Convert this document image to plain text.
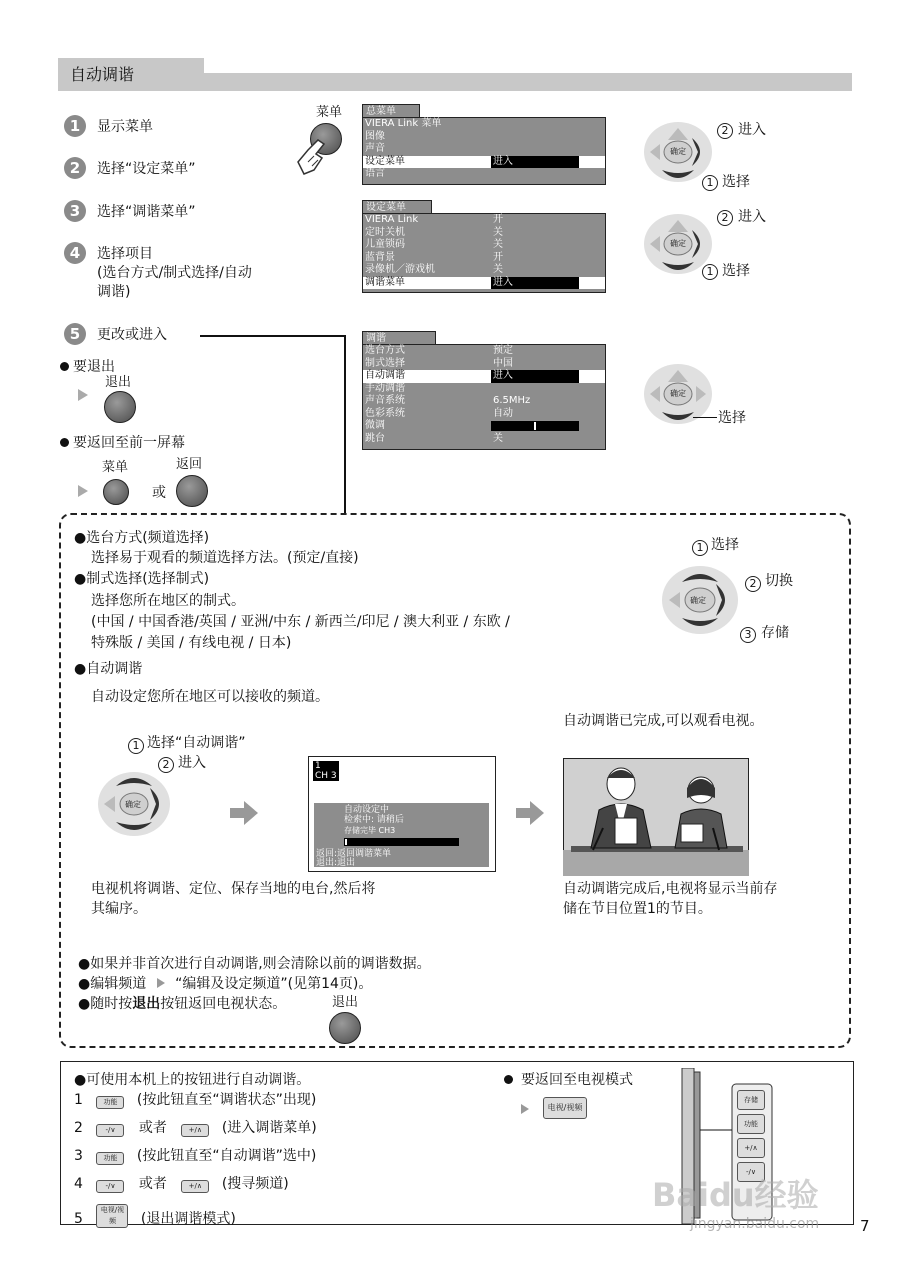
自动调谐
1	显示菜单
2	选择“设定菜单”
3	选择“调谐菜单”
4	选择项目
(选台方式/制式选择/自动
调谐)
5	更改或进入
要退出
退出
要返回至前一屏幕
菜单	返回
或
菜单	总菜单
VIERA Link 菜单
图像
声音
设定菜单	进入
语言
设定菜单
VIERA Link	开
定时关机	关
儿童锁码	关
蓝背景	开
录像机／游戏机	关
调谐菜单	进入
调谐
选台方式	预定
制式选择	中国
自动调谐	进入
手动调谐
声音系统	6.5MHz
色彩系统	自动
微调
跳台	关
确定
2 进入
1 选择
确定
2 进入
1 选择
确定
选择
●选台方式(频道选择)
选择易于观看的频道选择方法。(预定/直接)
●制式选择(选择制式)
选择您所在地区的制式。
(中国 / 中国香港/英国 / 亚洲/中东 / 新西兰/印尼 / 澳大利亚 / 东欧 /
特殊版 / 美国 / 有线电视 / 日本)
●自动调谐
自动设定您所在地区可以接收的频道。
自动调谐已完成,可以观看电视。
确定
1 选择
2 切换
3 存储
1 选择“自动调谐”
2 进入
确定
1
CH 3
自动设定中
检索中: 请稍后
存储完毕 CH3
返回:返回调谐菜单
退出:退出
电视机将调谐、定位、保存当地的电台,然后将
其编序。
自动调谐完成后,电视将显示当前存
储在节目位置1的节目。
●如果并非首次进行自动调谐,则会清除以前的调谐数据。
●编辑频道 “编辑及设定频道”(见第14页)。
●随时按退出按钮返回电视状态。	退出
●可使用本机上的按钮进行自动调谐。
1	功能 (按此钮直至“调谐状态”出现)
2	-/∨ 或者	+/∧ (进入调谐菜单)
3	功能 (按此钮直至“自动调谐”选中)
4	-/∨ 或者	+/∧ (搜寻频道)
5 电视/视频 (退出调谐模式)
要返回至电视模式
电视/视频
存储
功能
+/∧
-/∨
Baidu经验
jingyan.baidu.com	7
